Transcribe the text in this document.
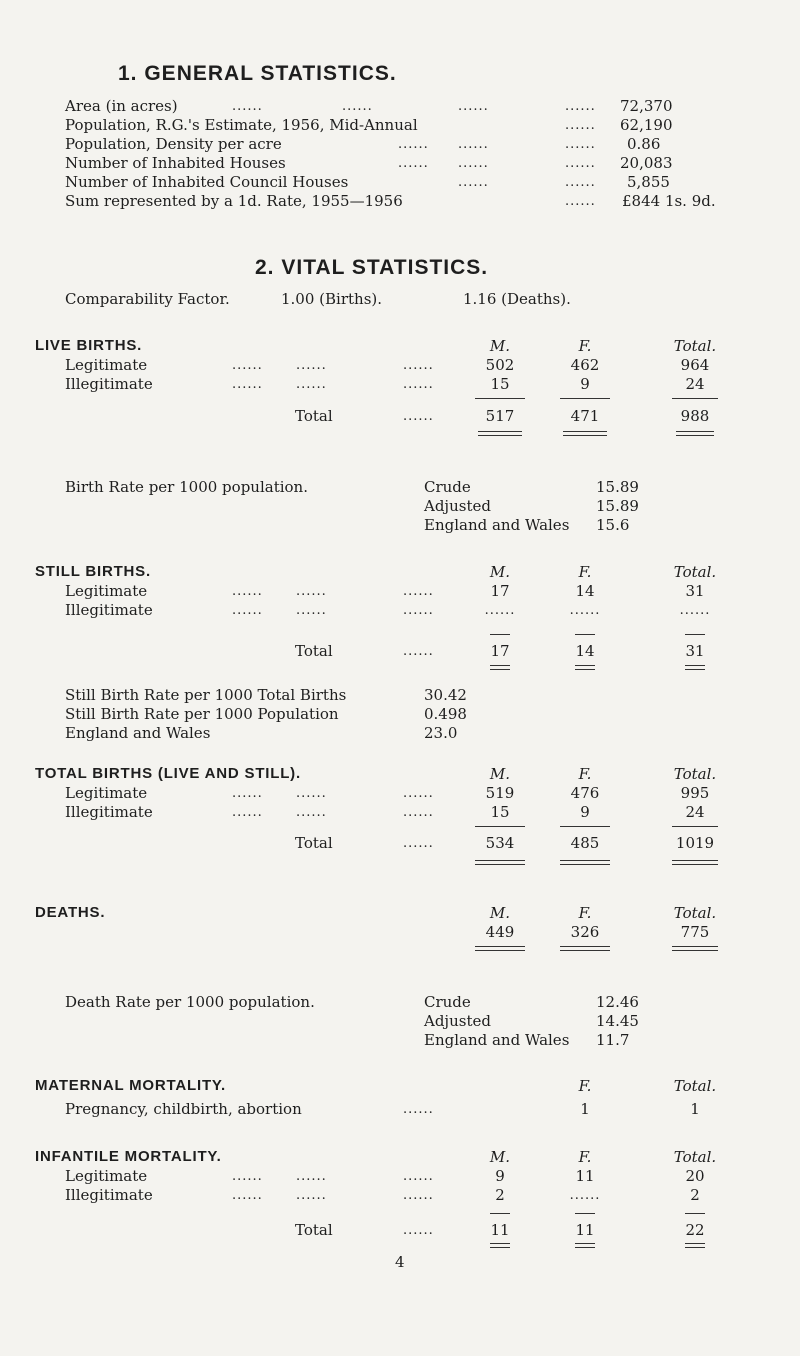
1. GENERAL STATISTICS.
Area (in acres)	......	......	......	...... 72,370
Population, R.G.'s Estimate, 1956, Mid-Annual	...... 62,190
Population, Density per acre	...... ......	...... 0.86
Number of Inhabited Houses	...... ......	...... 20,083
Number of Inhabited Council Houses	......	...... 5,855
Sum represented by a 1d. Rate, 1955—1956	...... £844 1s. 9d.
2. VITAL STATISTICS.
Comparability Factor.	1.00 (Births).	1.16 (Deaths).
LIVE BIRTHS.	M.	F.	Total.
Legitimate	......	......	......	502	462	964
Illegitimate	......	......	......	15	9	24
Total	......	517	471	988
Birth Rate per 1000 population.	Crude	15.89
Adjusted	15.89
England and Wales 15.6
STILL BIRTHS.	M.	F.	Total.
Legitimate	......	......	......	17	14	31
Illegitimate	......	......	......	......	......	......
Total	......	17	14	31
Still Birth Rate per 1000 Total Births	30.42
Still Birth Rate per 1000 Population	0.498
England and Wales	23.0
TOTAL BIRTHS (LIVE AND STILL).	M.	F.	Total.
Legitimate	......	......	......	519	476	995
Illegitimate	......	......	......	15	9	24
Total	......	534	485	1019
DEATHS.	M.	F.	Total.
449	326	775
Death Rate per 1000 population.	Crude	12.46
Adjusted	14.45
England and Wales 11.7
MATERNAL MORTALITY.	F.	Total.
Pregnancy, childbirth, abortion	......	1	1
INFANTILE MORTALITY.	M.	F.	Total.
Legitimate	......	......	......	9	11	20
Illegitimate	......	......	......	2	......	2
Total	......	11	11	22
4
